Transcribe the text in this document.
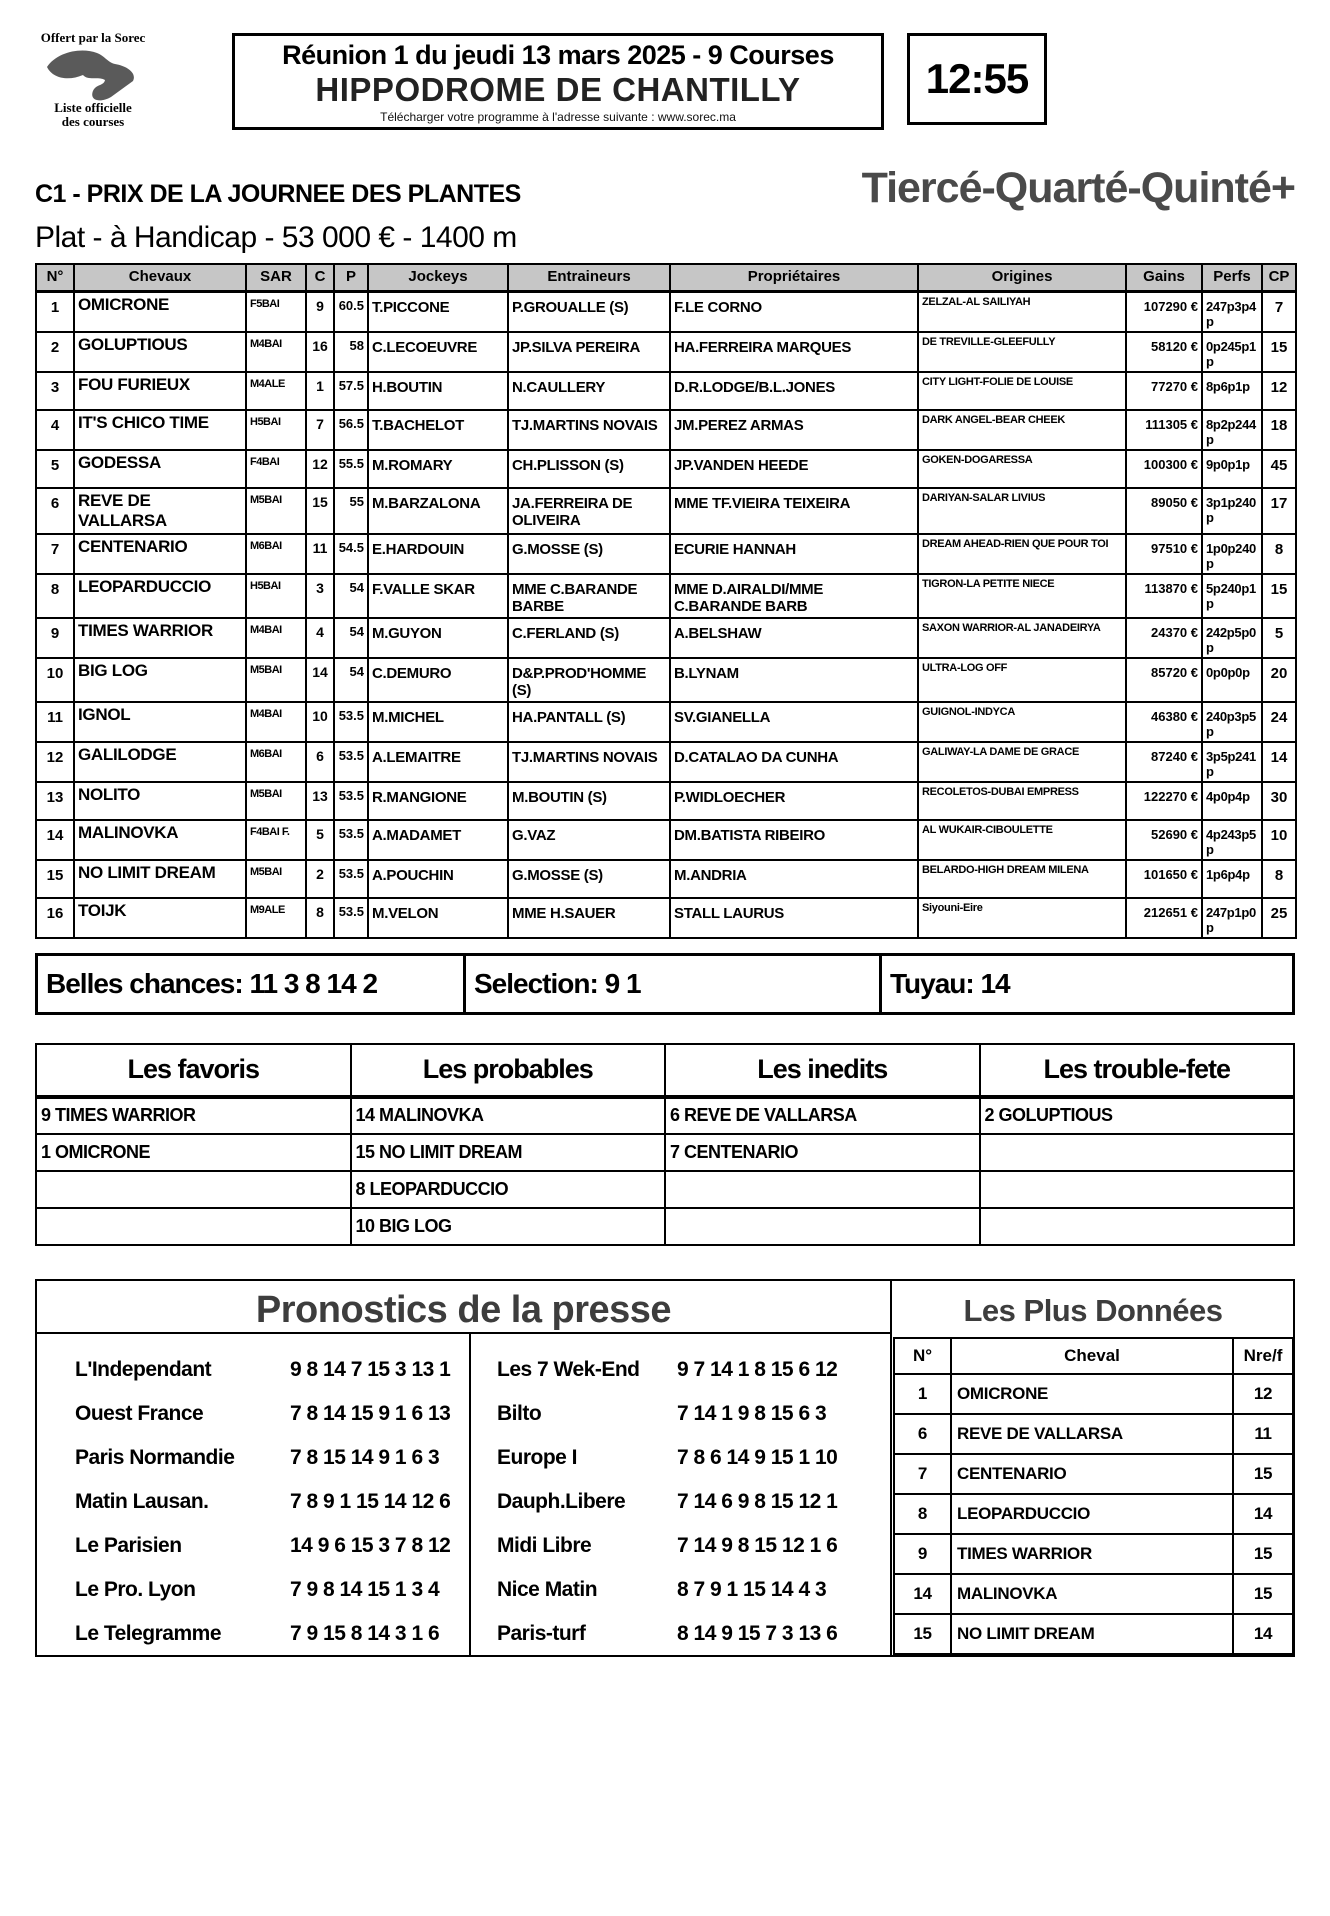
Offert par la Sorec
Liste officielle
des courses
Réunion 1 du jeudi 13 mars 2025 - 9 Courses
HIPPODROME DE CHANTILLY
Télécharger votre programme à l'adresse suivante : www.sorec.ma
12:55
C1 - PRIX DE LA JOURNEE DES PLANTES	Tiercé-Quarté-Quinté+
Plat - à Handicap - 53 000 € - 1400 m
N°	Chevaux	SAR	C	P	Jockeys	Entraineurs	Propriétaires	Origines	Gains	Perfs	CP
1	OMICRONE	F5BAI	9	60.5	T.PICCONE	P.GROUALLE (S)	F.LE CORNO	ZELZAL-AL SAILIYAH	107290 €	247p3p4p	7
2	GOLUPTIOUS	M4BAI	16	58	C.LECOEUVRE	JP.SILVA PEREIRA	HA.FERREIRA MARQUES	DE TREVILLE-GLEEFULLY	58120 €	0p245p1p	15
3	FOU FURIEUX	M4ALE	1	57.5	H.BOUTIN	N.CAULLERY	D.R.LODGE/B.L.JONES	CITY LIGHT-FOLIE DE LOUISE	77270 €	8p6p1p	12
4	IT'S CHICO TIME	H5BAI	7	56.5	T.BACHELOT	TJ.MARTINS NOVAIS	JM.PEREZ ARMAS	DARK ANGEL-BEAR CHEEK	111305 €	8p2p244p	18
5	GODESSA	F4BAI	12	55.5	M.ROMARY	CH.PLISSON (S)	JP.VANDEN HEEDE	GOKEN-DOGARESSA	100300 €	9p0p1p	45
6	REVE DE VALLARSA	M5BAI	15	55	M.BARZALONA	JA.FERREIRA DE OLIVEIRA	MME TF.VIEIRA TEIXEIRA	DARIYAN-SALAR LIVIUS	89050 €	3p1p240p	17
7	CENTENARIO	M6BAI	11	54.5	E.HARDOUIN	G.MOSSE (S)	ECURIE HANNAH	DREAM AHEAD-RIEN QUE POUR TOI	97510 €	1p0p240p	8
8	LEOPARDUCCIO	H5BAI	3	54	F.VALLE SKAR	MME C.BARANDE BARBE	MME D.AIRALDI/MME C.BARANDE BARB	TIGRON-LA PETITE NIECE	113870 €	5p240p1p	15
9	TIMES WARRIOR	M4BAI	4	54	M.GUYON	C.FERLAND (S)	A.BELSHAW	SAXON WARRIOR-AL JANADEIRYA	24370 €	242p5p0p	5
10	BIG LOG	M5BAI	14	54	C.DEMURO	D&P.PROD'HOMME (S)	B.LYNAM	ULTRA-LOG OFF	85720 €	0p0p0p	20
11	IGNOL	M4BAI	10	53.5	M.MICHEL	HA.PANTALL (S)	SV.GIANELLA	GUIGNOL-INDYCA	46380 €	240p3p5p	24
12	GALILODGE	M6BAI	6	53.5	A.LEMAITRE	TJ.MARTINS NOVAIS	D.CATALAO DA CUNHA	GALIWAY-LA DAME DE GRACE	87240 €	3p5p241p	14
13	NOLITO	M5BAI	13	53.5	R.MANGIONE	M.BOUTIN (S)	P.WIDLOECHER	RECOLETOS-DUBAI EMPRESS	122270 €	4p0p4p	30
14	MALINOVKA	F4BAI F.	5	53.5	A.MADAMET	G.VAZ	DM.BATISTA RIBEIRO	AL WUKAIR-CIBOULETTE	52690 €	4p243p5p	10
15	NO LIMIT DREAM	M5BAI	2	53.5	A.POUCHIN	G.MOSSE (S)	M.ANDRIA	BELARDO-HIGH DREAM MILENA	101650 €	1p6p4p	8
16	TOIJK	M9ALE	8	53.5	M.VELON	MME H.SAUER	STALL LAURUS	Siyouni-Eire	212651 €	247p1p0p	25
Belles chances: 11 3 8 14 2	Selection: 9 1	Tuyau: 14
Les favoris	Les probables	Les inedits	Les trouble-fete
9 TIMES WARRIOR	14 MALINOVKA	6 REVE DE VALLARSA	2 GOLUPTIOUS
1 OMICRONE	15 NO LIMIT DREAM	7 CENTENARIO	
	8 LEOPARDUCCIO		
	10 BIG LOG		
Pronostics de la presse
L'Independant	9 8 14 7 15 3 13 1
Ouest France	7 8 14 15 9 1 6 13
Paris Normandie	7 8 15 14 9 1 6 3
Matin Lausan.	7 8 9 1 15 14 12 6
Le Parisien	14 9 6 15 3 7 8 12
Le Pro. Lyon	7 9 8 14 15 1 3 4
Le Telegramme	7 9 15 8 14 3 1 6
Les 7 Wek-End	9 7 14 1 8 15 6 12
Bilto	7 14 1 9 8 15 6 3
Europe I	7 8 6 14 9 15 1 10
Dauph.Libere	7 14 6 9 8 15 12 1
Midi Libre	7 14 9 8 15 12 1 6
Nice Matin	8 7 9 1 15 14 4 3
Paris-turf	8 14 9 15 7 3 13 6
Les Plus Données
N°	Cheval	Nre/f
1	OMICRONE	12
6	REVE DE VALLARSA	11
7	CENTENARIO	15
8	LEOPARDUCCIO	14
9	TIMES WARRIOR	15
14	MALINOVKA	15
15	NO LIMIT DREAM	14
